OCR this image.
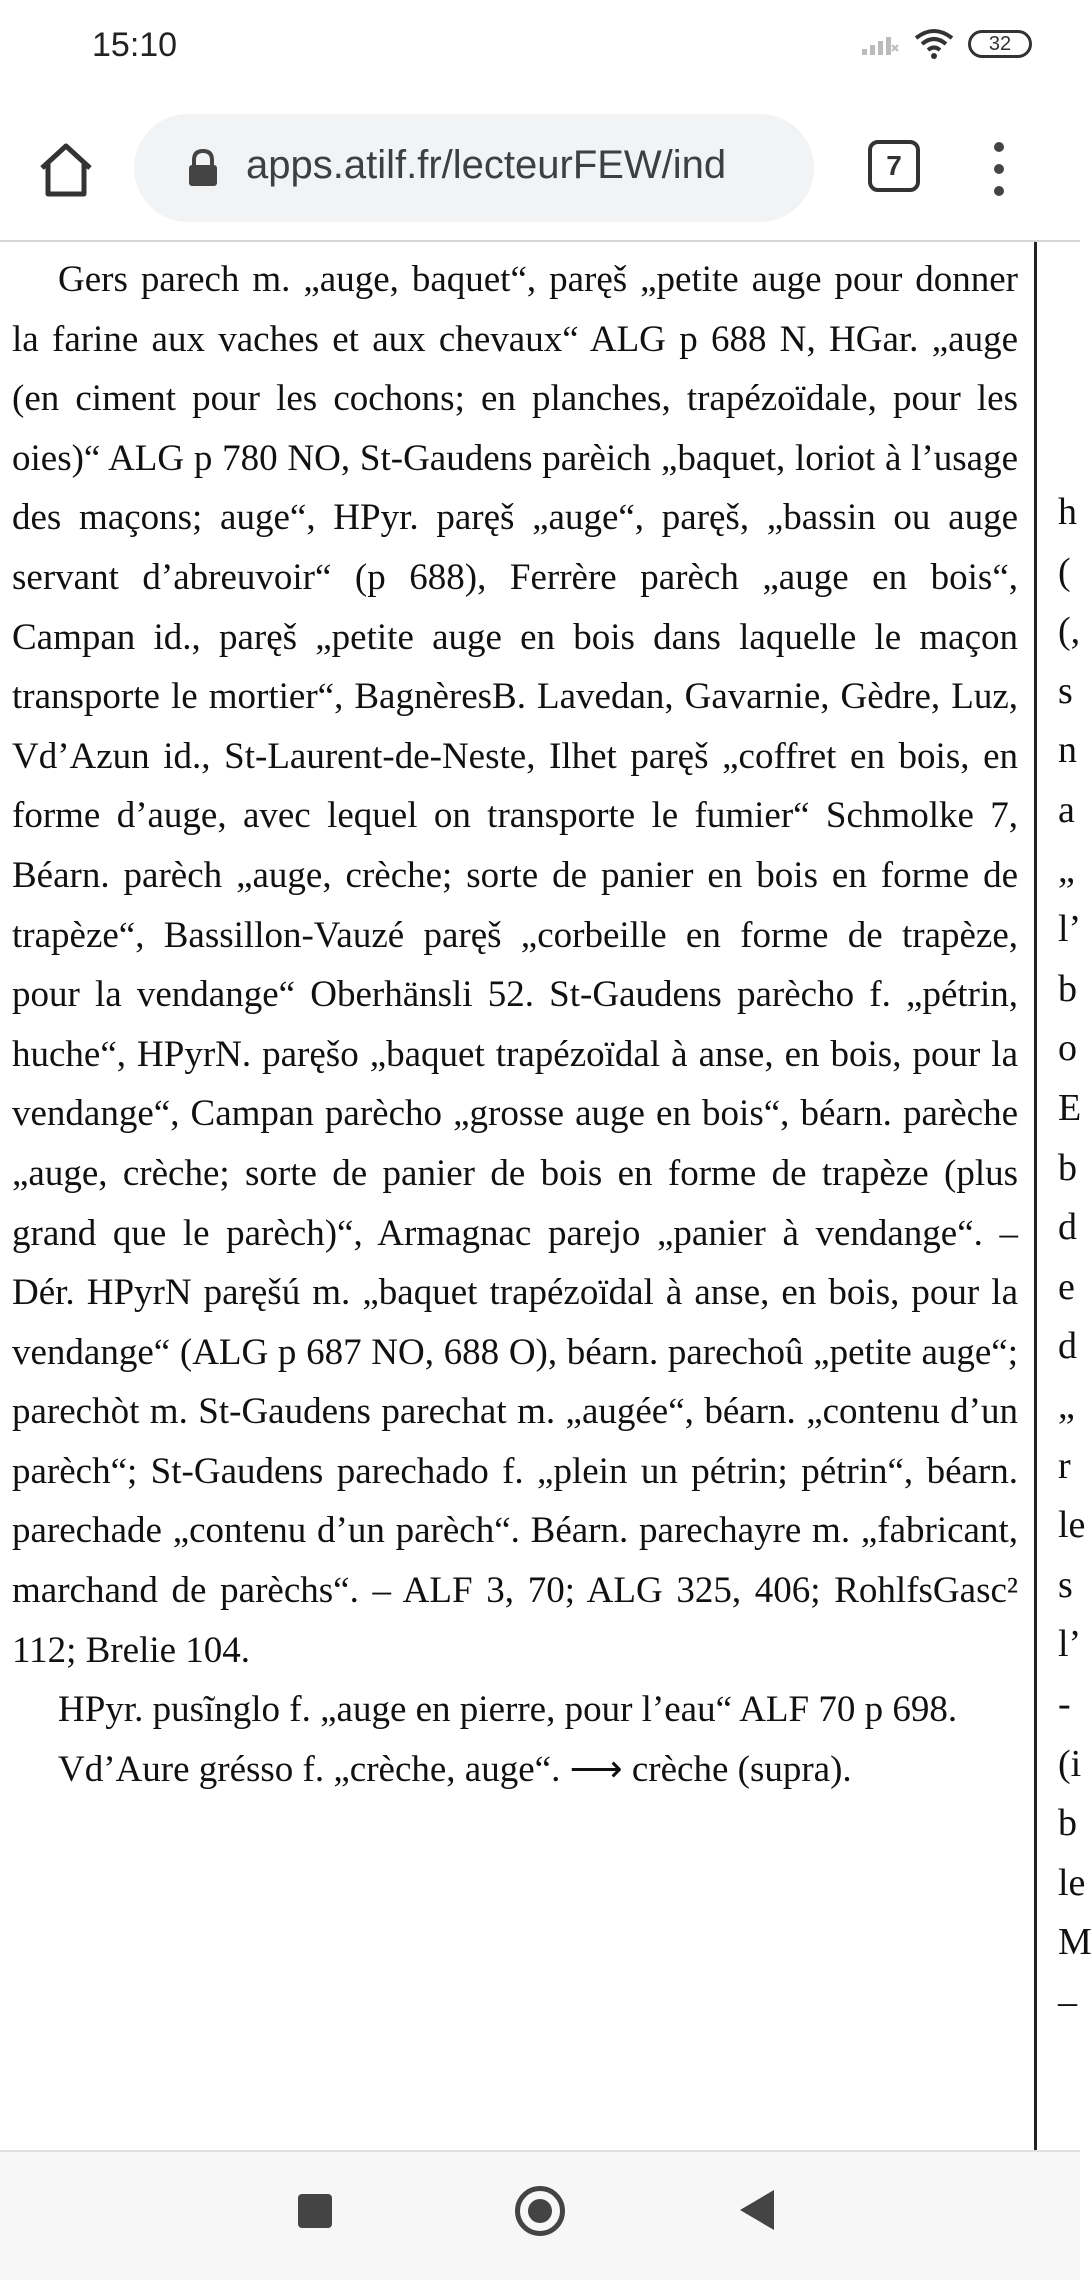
15:10	32
apps.atilf.fr/lecteurFEW/ind	7

Gers parech m. „auge, baquet“, paręš „petite auge pour donner la farine aux vaches et aux chevaux“ ALG p 688 N, HGar. „auge (en ciment pour les cochons; en planches, trapézoïdale, pour les oies)“ ALG p 780 NO, St-Gaudens parèich „baquet, loriot à l’usage des maçons; auge“, HPyr. paręš „auge“, paręš, „bassin ou auge servant d’abreuvoir“ (p 688), Ferrère parèch „auge en bois“, Campan id., paręš „petite auge en bois dans laquelle le maçon transporte le mortier“, BagnèresB. Lavedan, Gavarnie, Gèdre, Luz, Vd’Azun id., St-Laurent-de-Neste, Ilhet paręš „coffret en bois, en forme d’auge, avec lequel on transporte le fumier“ Schmolke 7, Béarn. parèch „auge, crèche; sorte de panier en bois en forme de trapèze“, Bassillon-Vauzé paręš „corbeille en forme de trapèze, pour la vendange“ Oberhänsli 52. St-Gaudens parècho f. „pétrin, huche“, HPyrN. paręšo „baquet trapézoïdal à anse, en bois, pour la vendange“, Campan parècho „grosse auge en bois“, béarn. parèche „auge, crèche; sorte de panier de bois en forme de trapèze (plus grand que le parèch)“, Armagnac parejo „panier à vendange“. – Dér. HPyrN paręšú m. „baquet trapézoïdal à anse, en bois, pour la vendange“ (ALG p 687 NO, 688 O), béarn. parechoû „petite auge“; parechòt m. St-Gaudens parechat m. „augée“, béarn. „contenu d’un parèch“; St-Gaudens parechado f. „plein un pétrin; pétrin“, béarn. parechade „contenu d’un parèch“. Béarn. parechayre m. „fabricant, marchand de parèchs“. – ALF 3, 70; ALG 325, 406; RohlfsGasc² 112; Brelie 104.

HPyr. pusĩnglo f. „auge en pierre, pour l’eau“ ALF 70 p 698.

Vd’Aure grésso f. „crèche, auge“. ⟶ crèche (supra).

h
(
(,
s
n
a
„
l’
b
o
E
b
d
e
d
„
r
le
s
l’
-
(i
b
le
M
–
